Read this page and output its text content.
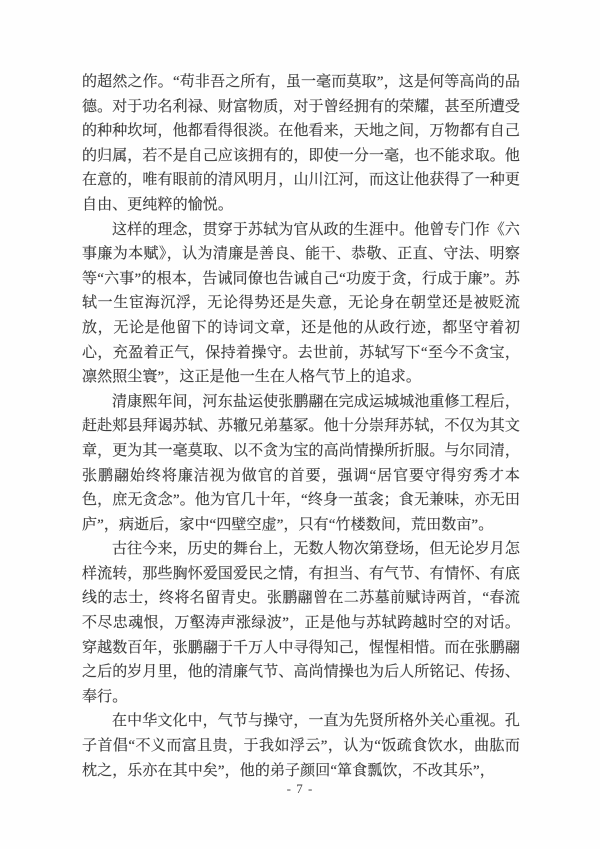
的超然之作。“苟非吾之所有，虽一毫而莫取”，这是何等高尚的品德。对于功名利禄、财富物质，对于曾经拥有的荣耀，甚至所遭受的种种坎坷，他都看得很淡。在他看来，天地之间，万物都有自己的归属，若不是自己应该拥有的，即使一分一毫，也不能求取。他在意的，唯有眼前的清风明月，山川江河，而这让他获得了一种更自由、更纯粹的愉悦。

这样的理念，贯穿于苏轼为官从政的生涯中。他曾专门作《六事廉为本赋》，认为清廉是善良、能干、恭敬、正直、守法、明察等“六事”的根本，告诫同僚也告诫自己“功废于贪，行成于廉”。苏轼一生宦海沉浮，无论得势还是失意，无论身在朝堂还是被贬流放，无论是他留下的诗词文章，还是他的从政行迹，都坚守着初心，充盈着正气，保持着操守。去世前，苏轼写下“至今不贪宝，凛然照尘寰”，这正是他一生在人格气节上的追求。

清康熙年间，河东盐运使张鹏翮在完成运城城池重修工程后，赶赴郏县拜谒苏轼、苏辙兄弟墓冢。他十分崇拜苏轼，不仅为其文章，更为其一毫莫取、以不贪为宝的高尚情操所折服。与尔同清，张鹏翮始终将廉洁视为做官的首要，强调“居官要守得穷秀才本色，庶无贪念”。他为官几十年，“终身一茧衾；食无兼味，亦无田庐”，病逝后，家中“四壁空虚”，只有“竹楼数间，荒田数亩”。

古往今来，历史的舞台上，无数人物次第登场，但无论岁月怎样流转，那些胸怀爱国爱民之情，有担当、有气节、有情怀、有底线的志士，终将名留青史。张鹏翮曾在二苏墓前赋诗两首，“春流不尽忠魂恨，万壑涛声涨绿波”，正是他与苏轼跨越时空的对话。穿越数百年，张鹏翮于千万人中寻得知己，惺惺相惜。而在张鹏翮之后的岁月里，他的清廉气节、高尚情操也为后人所铭记、传扬、奉行。

在中华文化中，气节与操守，一直为先贤所格外关心重视。孔子首倡“不义而富且贵，于我如浮云”，认为“饭疏食饮水，曲肱而枕之，乐亦在其中矣”，他的弟子颜回“箪食瓢饮，不改其乐”，

- 7 -
